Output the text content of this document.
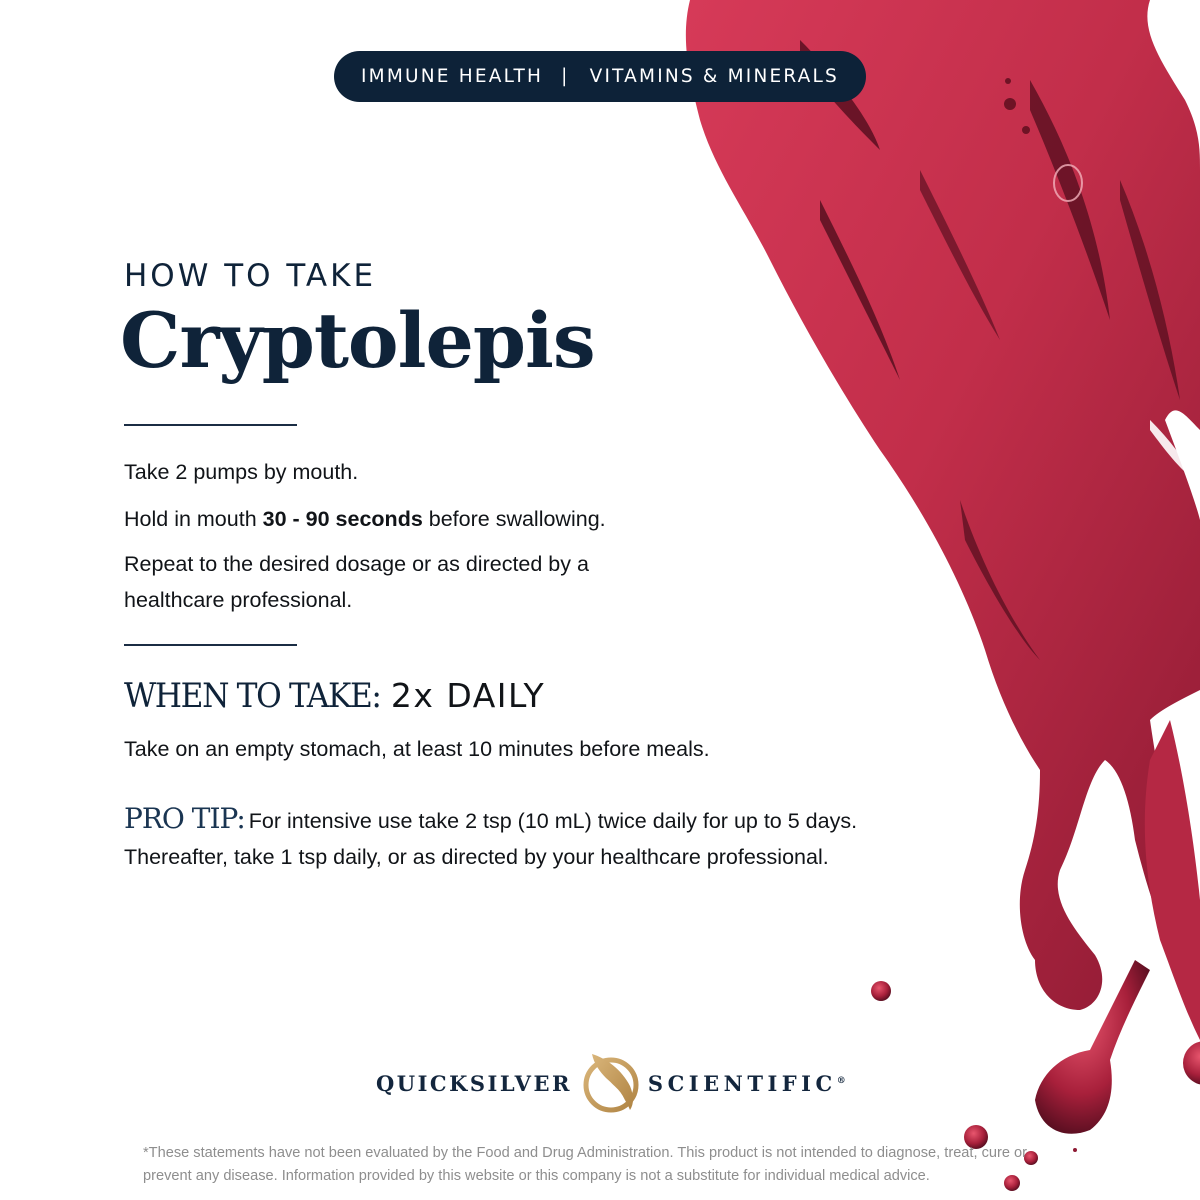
IMMUNE HEALTH | VITAMINS & MINERALS
HOW TO TAKE
Cryptolepis
Take 2 pumps by mouth.
Hold in mouth 30 - 90 seconds before swallowing.
Repeat to the desired dosage or as directed by a healthcare professional.
WHEN TO TAKE: 2x DAILY
Take on an empty stomach, at least 10 minutes before meals.
PRO TIP: For intensive use take 2 tsp (10 mL) twice daily for up to 5 days. Thereafter, take 1 tsp daily, or as directed by your healthcare professional.
QUICKSILVER	SCIENTIFIC®
*These statements have not been evaluated by the Food and Drug Administration. This product is not intended to diagnose, treat, cure or prevent any disease. Information provided by this website or this company is not a substitute for individual medical advice.
